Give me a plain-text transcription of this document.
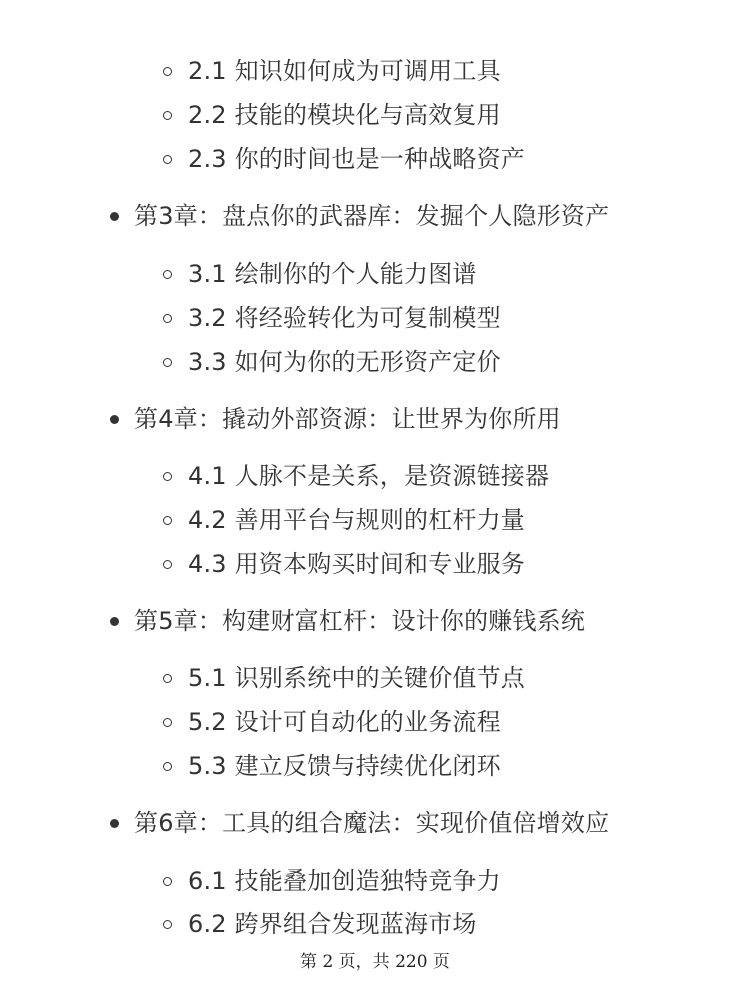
2.1 知识如何成为可调用工具
2.2 技能的模块化与高效复用
2.3 你的时间也是一种战略资产
第3章：盘点你的武器库：发掘个人隐形资产
3.1 绘制你的个人能力图谱
3.2 将经验转化为可复制模型
3.3 如何为你的无形资产定价
第4章：撬动外部资源：让世界为你所用
4.1 人脉不是关系，是资源链接器
4.2 善用平台与规则的杠杆力量
4.3 用资本购买时间和专业服务
第5章：构建财富杠杆：设计你的赚钱系统
5.1 识别系统中的关键价值节点
5.2 设计可自动化的业务流程
5.3 建立反馈与持续优化闭环
第6章：工具的组合魔法：实现价值倍增效应
6.1 技能叠加创造独特竞争力
6.2 跨界组合发现蓝海市场
第 2 页，共 220 页
